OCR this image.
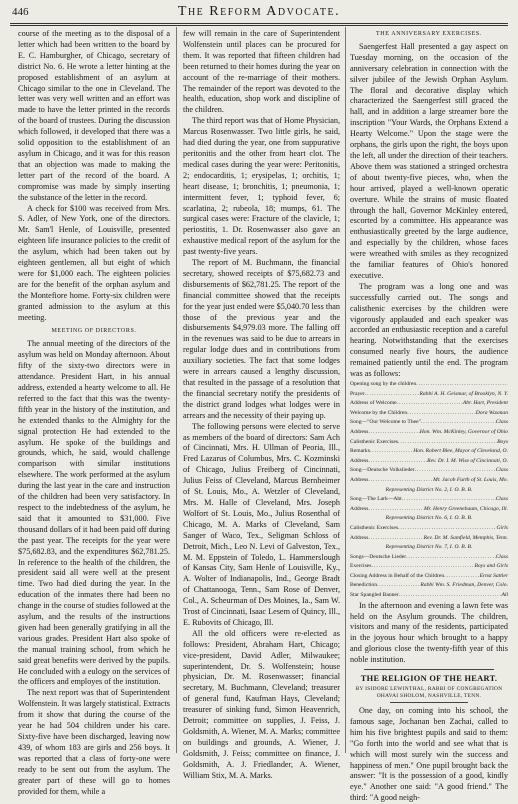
446	The Reform Advocate.

course of the meeting as to the disposal of a letter which had been written to the board by E. C. Hamburgher, of Chicago, secretary of district No. 6. He wrote a letter hinting at the proposed establishment of an asylum at Chicago similar to the one in Cleveland. The letter was very well written and an effort was made to have the letter printed in the records of the board of trustees. During the discussion which followed, it developed that there was a solid opposition to the establishment of an asylum in Chicago, and it was for this reason that an objection was made to making the letter part of the record of the board. A compromise was made by simply inserting the substance of the letter in the record.

A check for $100 was received from Mrs. S. Adler, of New York, one of the directors. Mr. Sam'l Henle, of Louisville, presented eighteen life insurance policies to the credit of the asylum, which had been taken out by eighteen gentlemen, all but eight of which were for $1,000 each. The eighteen policies are for the benefit of the orphan asylum and the Montefiore home. Forty-six children were granted admission to the asylum at this meeting.

MEETING OF DIRECTORS.

The annual meeting of the directors of the asylum was held on Monday afternoon. About fifty of the sixty-two directors were in attendance. President Hart, in his annual address, extended a hearty welcome to all. He referred to the fact that this was the twenty-fifth year in the history of the institution, and he extended thanks to the Almighty for the signal protection He had extended to the asylum. He spoke of the buildings and grounds, which, he said, would challenge comparison with similar institutions elsewhere. The work performed at the asylum during the last year in the care and instruction of the children had been very satisfactory. In respect to the indebtedness of the asylum, he said that it amounted to $31,000. Five thousand dollars of it had been paid off during the past year. The receipts for the year were $75,682.83, and the expenditures $62,781.25. In reference to the health of the children, the president said all were well at the present time. Two had died during the year. In the education of the inmates there had been no change in the course of studies followed at the asylum, and the results of the instructions given had been generally gratifying in all the various grades. President Hart also spoke of the manual training school, from which he said great benefits were derived by the pupils. He concluded with a eulogy on the services of the officers and employes of the institution.

The next report was that of Superintendent Wolfenstein. It was largely statistical. Extracts from it show that during the course of the year he had 504 children under his care. Sixty-five have been discharged, leaving now 439, of whom 183 are girls and 256 boys. It was reported that a class of forty-one were ready to be sent out from the asylum. The greater part of these will go to homes provided for them, while a

few will remain in the care of Superintendent Wolfenstein until places can be procured for them. It was reported that fifteen children had been returned to their homes during the year on account of the re-marriage of their mothers. The remainder of the report was devoted to the health, education, shop work and discipline of the children.

The third report was that of Home Physician, Marcus Rosenwasser. Two little girls, he said, had died during the year, one from suppurative peritonitis and the other from heart clot. The medical cases during the year were: Peritonitis, 2; endocarditis, 1; erysipelas, 1; orchitis, 1; heart disease, 1; bronchitis, 1; pneumonia, 1; intermittent fever, 1; typhoid fever, 6; scarlatina, 2; rubeola, 18; mumps, 61. The surgical cases were: Fracture of the clavicle, 1; periostitis, 1. Dr. Rosenwasser also gave an exhaustive medical report of the asylum for the past twenty-five years.

The report of M. Buchmann, the financial secretary, showed receipts of $75,682.73 and disbursements of $62,781.25. The report of the financial committee showed that the receipts for the year just ended were $5,040.70 less than those of the previous year and the disbursements $4,979.03 more. The falling off in the revenues was said to be due to arrears in regular lodge dues and in contributions from auxiliary societies. The fact that some lodges were in arrears caused a lengthy discussion, that resulted in the passage of a resolution that the financial secretary notify the presidents of the district grand lodges what lodges were in arrears and the necessity of their paying up.

The following persons were elected to serve as members of the board of directors: Sam Ach of Cincinnati, Mrs. H. Ullman of Peoria, Ill., Fred Lazarus of Columbus, Mrs. C. Kozminski of Chicago, Julius Freiberg of Cincinnati, Julius Feiss of Cleveland, Marcus Bernheimer of St. Louis, Mo., A. Wetzler of Cleveland, Mrs. M. Halle of Cleveland, Mrs. Joseph Wolfort of St. Louis, Mo., Julius Rosenthal of Chicago, M. A. Marks of Cleveland, Sam Sanger of Waco, Tex., Seligman Schloss of Detroit, Mich., Leo N. Levi of Galveston, Tex., M. M. Eppstein of Toledo, L. Hammerslough of Kansas City, Sam Henle of Louisville, Ky., A. Wolter of Indianapolis, Ind., George Bradt of Chattanooga, Tenn., Sam Rose of Denver, Col., A. Scheurman of Des Moines, Ia., Sam W. Trost of Cincinnati, Isaac Lesem of Quincy, Ill., E. Rubovits of Chicago, Ill.

All the old officers were re-elected as follows: President, Abraham Hart, Chicago; vice-president, David Adler, Milwaukee; superintendent, Dr. S. Wolfenstein; house physician, Dr. M. Rosenwasser; financial secretary, M. Buchmann, Cleveland; treasurer of general fund, Kaufman Hays, Cleveland; treasurer of sinking fund, Simon Heavenrich, Detroit; committee on supplies, J. Feiss, J. Goldsmith, A. Wiener, M. A. Marks; committee on buildings and grounds, A. Wiener, J. Goldsmith, J. Feiss; committee on finance, J. Goldsmith, A. J. Friedlander, A. Wiener, William Stix, M. A. Marks.

THE ANNIVERSARY EXERCISES.

Saengerfest Hall presented a gay aspect on Tuesday morning, on the occasion of the anniversary celebration in connection with the silver jubilee of the Jewish Orphan Asylum. The floral and decorative display which characterized the Saengerfest still graced the hall, and in addition a large streamer bore the inscription "Your Wards, the Orphans Extend a Hearty Welcome." Upon the stage were the orphans, the girls upon the right, the boys upon the left, all under the direction of their teachers. Above them was stationed a stringed orchestra of about twenty-five pieces, who, when the hour arrived, played a well-known operatic overture. While the strains of music floated through the hall, Governor McKinley entered, escorted by a committee. His appearance was enthusiastically greeted by the large audience, and especially by the children, whose faces were wreathed with smiles as they recognized the familiar features of Ohio's honored executive.

The program was a long one and was successfully carried out. The songs and calisthenic exercises by the children were vigorously applauded and each speaker was accorded an enthusiastic reception and a careful hearing. Notwithstanding that the exercises consumed nearly five hours, the audience remained patiently until the end. The program was as follows:

Opening song by the children
.....
Prayer .....	Rabbi A. H. Geismar, of Brooklyn, N. Y.
Address of Welcome .....	Abr. Hart, President
Welcome by the Children .....	Dora Waxman
Song—"Our Welcome to Thee" .....	Class
Address .....	Hon. Wm. McKinley, Governor of Ohio
Calisthenic Exercises .....	Boys
Remarks .....	Hon. Robert Blee, Mayor of Cleveland, O.
Address .....	Rev. Dr. I. M. Wise of Cincinnati, O.
Song—Deutsche Volkslieder .....	Class
Address .....	Mr. Jacob Furth of St. Louis, Mo.
Representing District No. 2, I. O. B. B.
Song—The Lark—Abt .....	Class
Address .....	Mr. Henry Greenebaum, Chicago, Ill.
Representing District No. 6, I. O. B. B.
Calisthenic Exercises .....	Girls
Address .....	Rev. Dr. M. Samfield, Memphis, Tenn.
Representing District No. 7, I. O. B. B.
Songs—Deutsche Lieder .....	Class
Exercises .....	Boys and Girls
Closing Address in Behalf of the Children .....	Ernst Sattler
Benediction .....	Rabbi Wm. S. Friedman, Denver, Colo.
Star Spangled Banner .....	All

In the afternoon and evening a lawn fete was held on the Asylum grounds. The children, visitors and many of the residents, participated in the joyous hour which brought to a happy and glorious close the twenty-fifth year of this noble institution.

THE RELIGION OF THE HEART.
BY ISIDORE LEWINTHAL, RABBI OF CONGREGATION
OHAVAI SHOLOM, NASHVILLE, TENN.

One day, on coming into his school, the famous sage, Jochanan ben Zachai, called to him his five brightest pupils and said to them: "Go forth into the world and see what that is which will most surely win the success and happiness of men." One pupil brought back the answer: "It is the possession of a good, kindly eye." Another one said: "A good friend." The third: "A good neigh-
